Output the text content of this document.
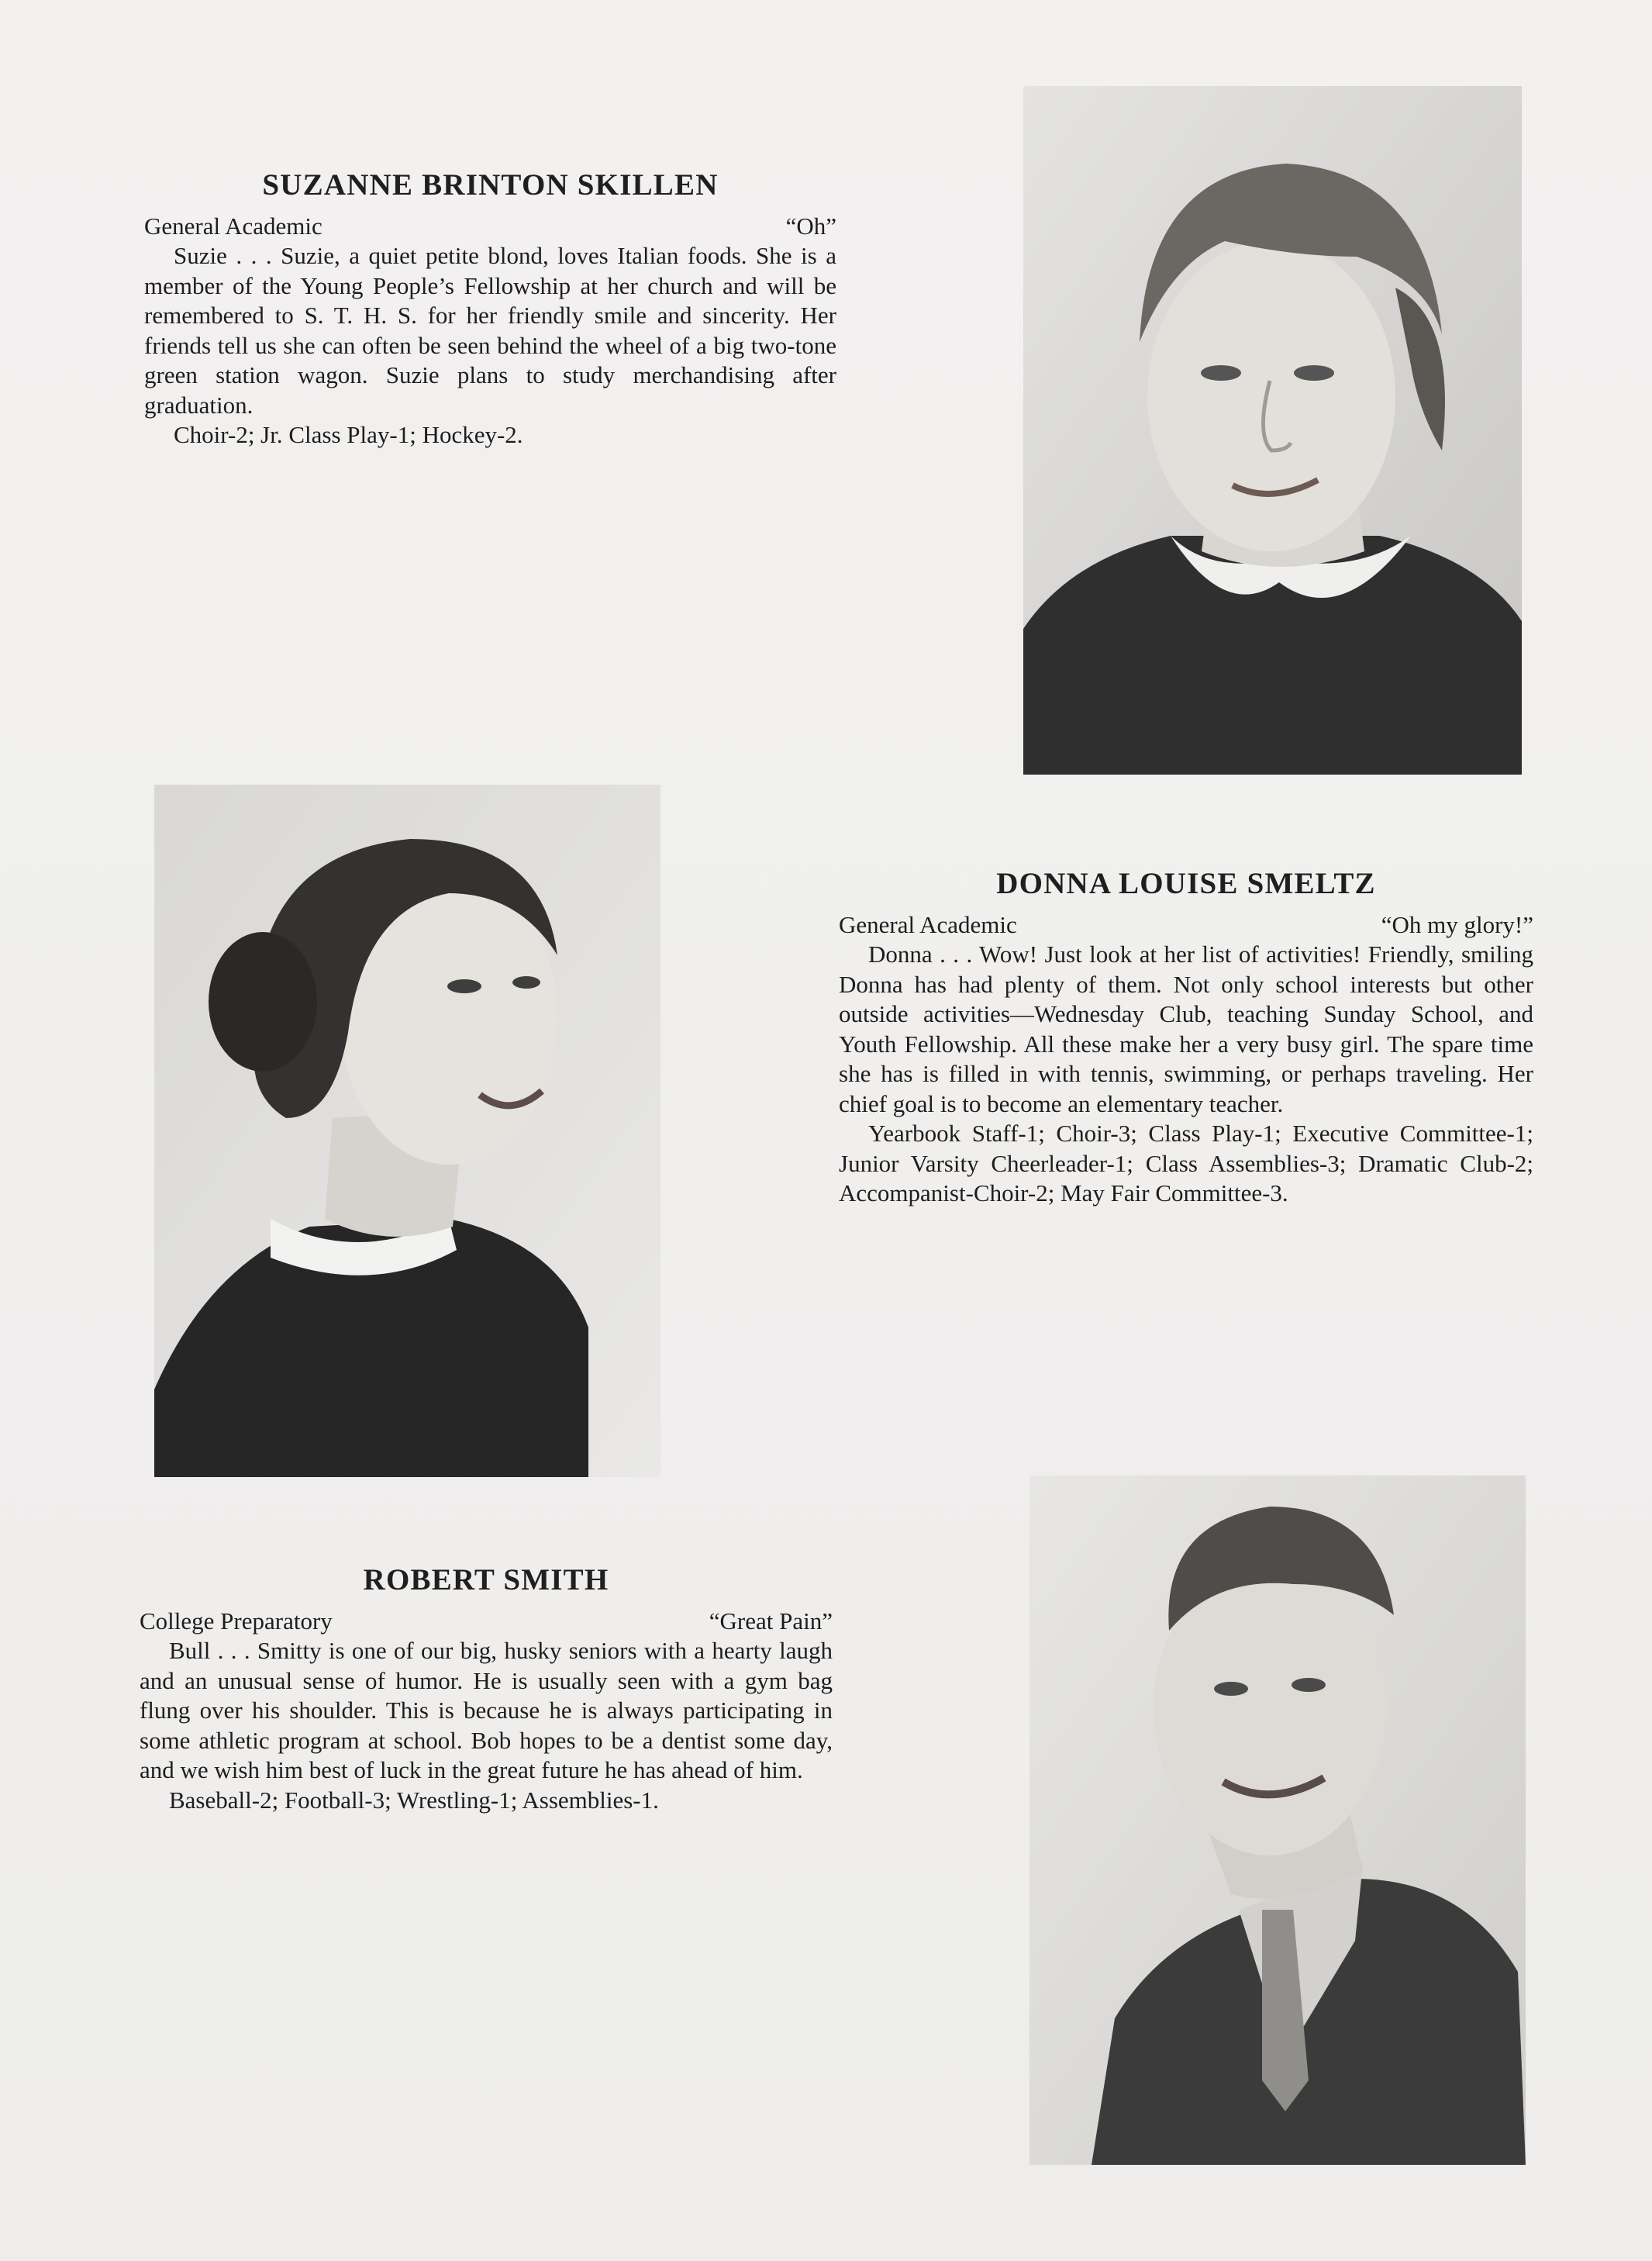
SUZANNE BRINTON SKILLEN
General Academic	“Oh”

Suzie . . . Suzie, a quiet petite blond, loves Italian foods. She is a member of the Young People’s Fellowship at her church and will be remembered to S. T. H. S. for her friendly smile and sincerity. Her friends tell us she can often be seen behind the wheel of a big two-tone green station wagon. Suzie plans to study merchandising after graduation.

Choir-2; Jr. Class Play-1; Hockey-2.

DONNA LOUISE SMELTZ
General Academic	“Oh my glory!”

Donna . . . Wow! Just look at her list of activities! Friendly, smiling Donna has had plenty of them. Not only school interests but other outside activities—Wednesday Club, teaching Sunday School, and Youth Fellowship. All these make her a very busy girl. The spare time she has is filled in with tennis, swimming, or perhaps traveling. Her chief goal is to become an elementary teacher.

Yearbook Staff-1; Choir-3; Class Play-1; Executive Committee-1; Junior Varsity Cheerleader-1; Class Assemblies-3; Dramatic Club-2; Accompanist-Choir-2; May Fair Committee-3.

ROBERT SMITH
College Preparatory	“Great Pain”

Bull . . . Smitty is one of our big, husky seniors with a hearty laugh and an unusual sense of humor. He is usually seen with a gym bag flung over his shoulder. This is because he is always participating in some athletic program at school. Bob hopes to be a dentist some day, and we wish him best of luck in the great future he has ahead of him.

Baseball-2; Football-3; Wrestling-1; Assemblies-1.
